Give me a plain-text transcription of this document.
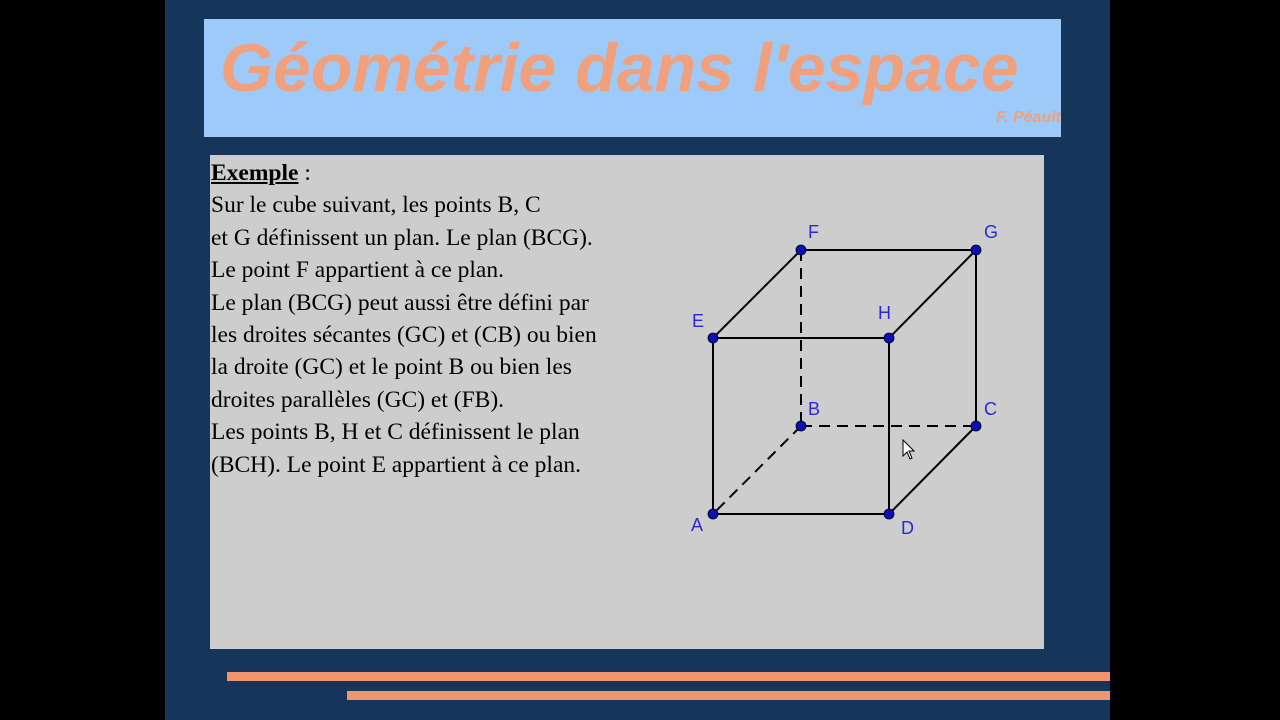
Géométrie dans l'espace
F. Péault
Exemple :
Sur le cube suivant, les points B, C
et G définissent un plan. Le plan (BCG).
Le point F appartient à ce plan.
Le plan (BCG) peut aussi être défini par
les droites sécantes (GC) et (CB) ou bien
la droite (GC) et le point B ou bien les
droites parallèles (GC) et (FB).
Les points B, H et C définissent le plan
(BCH). Le point E appartient à ce plan.
A
B	C
D
E
F	G
H
